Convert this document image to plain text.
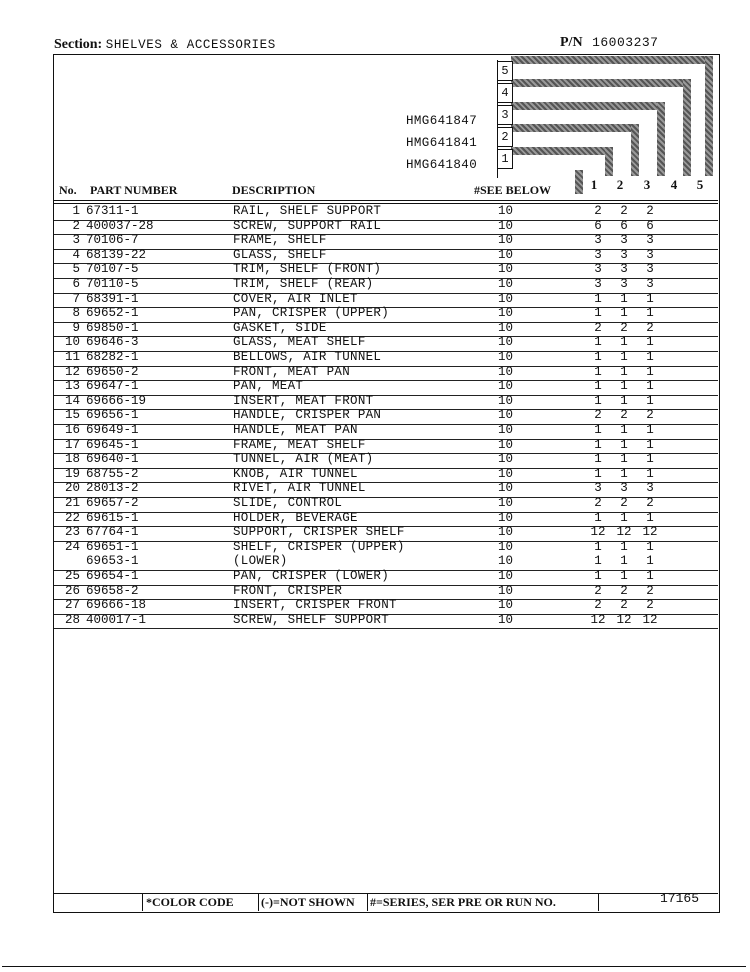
Section: SHELVES & ACCESSORIES	P/N 16003237
5
4
3
2
1
HMG641847
HMG641841
HMG641840
1 2 3 4 5
No. PART NUMBER	DESCRIPTION	#SEE BELOW
1 67311-1	RAIL, SHELF SUPPORT	10	2	2	2
2 400037-28	SCREW, SUPPORT RAIL	10	6	6	6
3 70106-7	FRAME, SHELF	10	3	3	3
4 68139-22	GLASS, SHELF	10	3	3	3
5 70107-5	TRIM, SHELF (FRONT)	10	3	3	3
6 70110-5	TRIM, SHELF (REAR)	10	3	3	3
7 68391-1	COVER, AIR INLET	10	1	1	1
8 69652-1	PAN, CRISPER (UPPER)	10	1	1	1
9 69850-1	GASKET, SIDE	10	2	2	2
10 69646-3	GLASS, MEAT SHELF	10	1	1	1
11 68282-1	BELLOWS, AIR TUNNEL	10	1	1	1
12 69650-2	FRONT, MEAT PAN	10	1	1	1
13 69647-1	PAN, MEAT	10	1	1	1
14 69666-19	INSERT, MEAT FRONT	10	1	1	1
15 69656-1	HANDLE, CRISPER PAN	10	2	2	2
16 69649-1	HANDLE, MEAT PAN	10	1	1	1
17 69645-1	FRAME, MEAT SHELF	10	1	1	1
18 69640-1	TUNNEL, AIR (MEAT)	10	1	1	1
19 68755-2	KNOB, AIR TUNNEL	10	1	1	1
20 28013-2	RIVET, AIR TUNNEL	10	3	3	3
21 69657-2	SLIDE, CONTROL	10	2	2	2
22 69615-1	HOLDER, BEVERAGE	10	1	1	1
23 67764-1	SUPPORT, CRISPER SHELF	10	12 12 12
24 69651-1	SHELF, CRISPER (UPPER)	10	1	1	1
69653-1	(LOWER)	10	1	1	1
25 69654-1	PAN, CRISPER (LOWER)	10	1	1	1
26 69658-2	FRONT, CRISPER	10	2	2	2
27 69666-18	INSERT, CRISPER FRONT	10	2	2	2
28 400017-1	SCREW, SHELF SUPPORT	10	12 12 12
*COLOR CODE (-)=NOT SHOWN #=SERIES, SER PRE OR RUN NO.	17165
